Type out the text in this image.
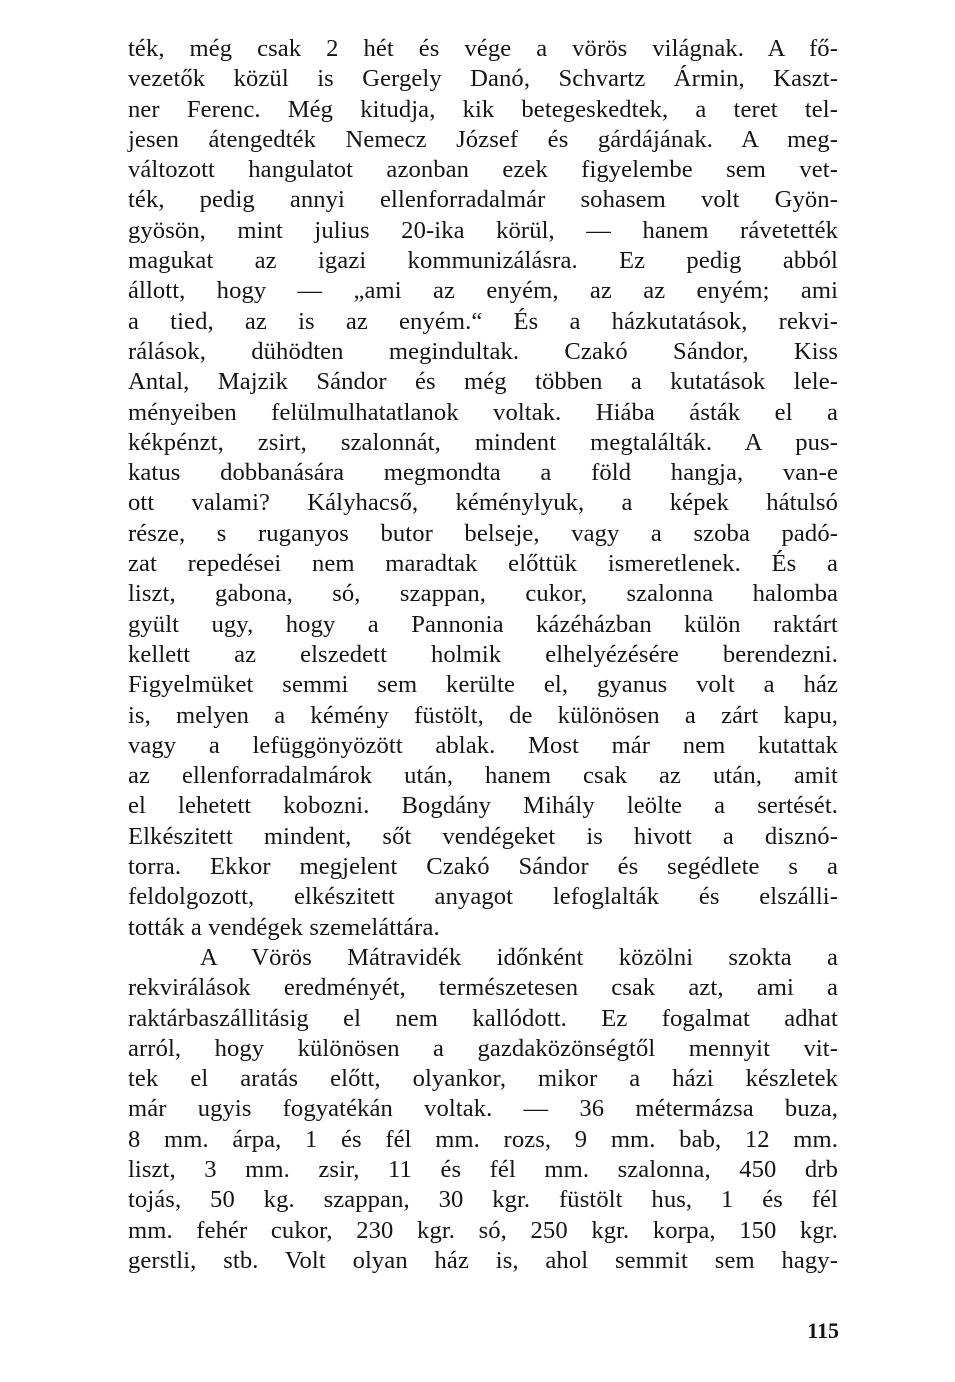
ték, még csak 2 hét és vége a vörös világnak. A fő-
vezetők közül is Gergely Danó, Schvartz Ármin, Kaszt-
ner Ferenc. Még kitudja, kik betegeskedtek, a teret tel-
jesen átengedték Nemecz József és gárdájának. A meg-
változott hangulatot azonban ezek figyelembe sem vet-
ték, pedig annyi ellenforradalmár sohasem volt Gyön-
gyösön, mint julius 20-ika körül, — hanem rávetették
magukat az igazi kommunizálásra. Ez pedig abból
állott, hogy — „ami az enyém, az az enyém; ami
a tied, az is az enyém.“ És a házkutatások, rekvi-
rálások, dühödten megindultak. Czakó Sándor, Kiss
Antal, Majzik Sándor és még többen a kutatások lele-
ményeiben felülmulhatatlanok voltak. Hiába ásták el a
kékpénzt, zsirt, szalonnát, mindent megtalálták. A pus-
katus dobbanására megmondta a föld hangja, van-e
ott valami? Kályhacső, kéménylyuk, a képek hátulsó
része, s ruganyos butor belseje, vagy a szoba padó-
zat repedései nem maradtak előttük ismeretlenek. És a
liszt, gabona, só, szappan, cukor, szalonna halomba
gyült ugy, hogy a Pannonia kázéházban külön raktárt
kellett az elszedett holmik elhelyézésére berendezni.
Figyelmüket semmi sem kerülte el, gyanus volt a ház
is, melyen a kémény füstölt, de különösen a zárt kapu,
vagy a lefüggönyözött ablak. Most már nem kutattak
az ellenforradalmárok után, hanem csak az után, amit
el lehetett kobozni. Bogdány Mihály leölte a sertését.
Elkészitett mindent, sőt vendégeket is hivott a disznó-
torra. Ekkor megjelent Czakó Sándor és segédlete s a
feldolgozott, elkészitett anyagot lefoglalták és elszálli-
tották a vendégek szemeláttára.
A Vörös Mátravidék időnként közölni szokta a
rekvirálások eredményét, természetesen csak azt, ami a
raktárbaszállitásig el nem kallódott. Ez fogalmat adhat
arról, hogy különösen a gazdaközönségtől mennyit vit-
tek el aratás előtt, olyankor, mikor a házi készletek
már ugyis fogyatékán voltak. — 36 métermázsa buza,
8 mm. árpa, 1 és fél mm. rozs, 9 mm. bab, 12 mm.
liszt, 3 mm. zsir, 11 és fél mm. szalonna, 450 drb
tojás, 50 kg. szappan, 30 kgr. füstölt hus, 1 és fél
mm. fehér cukor, 230 kgr. só, 250 kgr. korpa, 150 kgr.
gerstli, stb. Volt olyan ház is, ahol semmit sem hagy-
115
